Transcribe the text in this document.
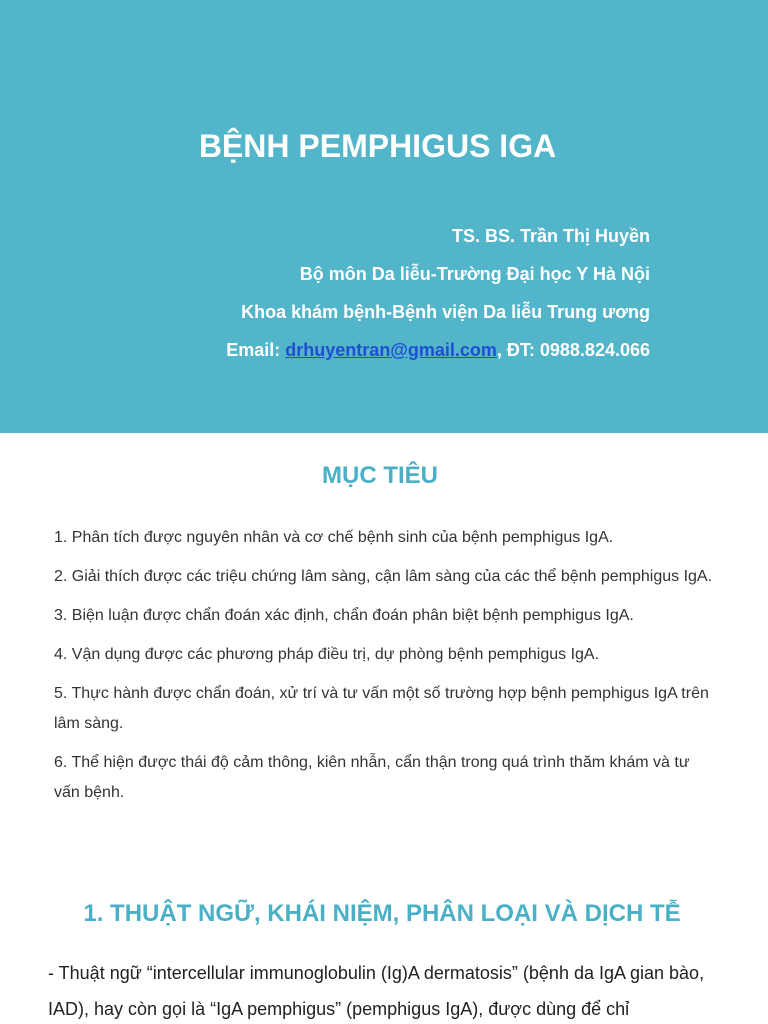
BỆNH PEMPHIGUS IGA
TS. BS. Trần Thị Huyền
Bộ môn Da liễu-Trường Đại học Y Hà Nội
Khoa khám bệnh-Bệnh viện Da liễu Trung ương
Email: drhuyentran@gmail.com, ĐT: 0988.824.066
MỤC TIÊU
1. Phân tích được nguyên nhân và cơ chế bệnh sinh của bệnh pemphigus IgA.
2. Giải thích được các triệu chứng lâm sàng, cận lâm sàng của các thể bệnh pemphigus IgA.
3. Biện luận được chẩn đoán xác định, chẩn đoán phân biệt bệnh pemphigus IgA.
4. Vận dụng được các phương pháp điều trị, dự phòng bệnh pemphigus IgA.
5. Thực hành được chẩn đoán, xử trí và tư vấn một số trường hợp bệnh pemphigus IgA trên lâm sàng.
6. Thể hiện được thái độ cảm thông, kiên nhẫn, cẩn thận trong quá trình thăm khám và tư vấn bệnh.
1. THUẬT NGỮ, KHÁI NIỆM, PHÂN LOẠI VÀ DỊCH TỄ

- Thuật ngữ “intercellular immunoglobulin (Ig)A dermatosis” (bệnh da IgA gian bào, IAD), hay còn gọi là “IgA pemphigus” (pemphigus IgA), được dùng để chỉ
